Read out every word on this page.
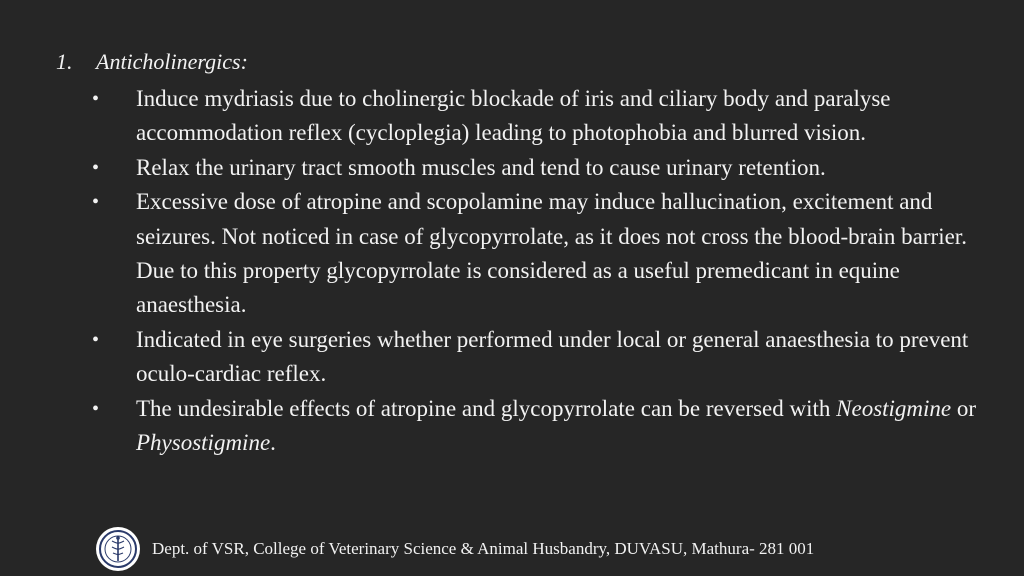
1. Anticholinergics:
• Induce mydriasis due to cholinergic blockade of iris and ciliary body and paralyse accommodation reflex (cycloplegia) leading to photophobia and blurred vision.
• Relax the urinary tract smooth muscles and tend to cause urinary retention.
• Excessive dose of atropine and scopolamine may induce hallucination, excitement and seizures. Not noticed in case of glycopyrrolate, as it does not cross the blood-brain barrier. Due to this property glycopyrrolate is considered as a useful premedicant in equine anaesthesia.
• Indicated in eye surgeries whether performed under local or general anaesthesia to prevent oculo-cardiac reflex.
• The undesirable effects of atropine and glycopyrrolate can be reversed with Neostigmine or Physostigmine.
Dept. of VSR, College of Veterinary Science & Animal Husbandry, DUVASU, Mathura- 281 001
